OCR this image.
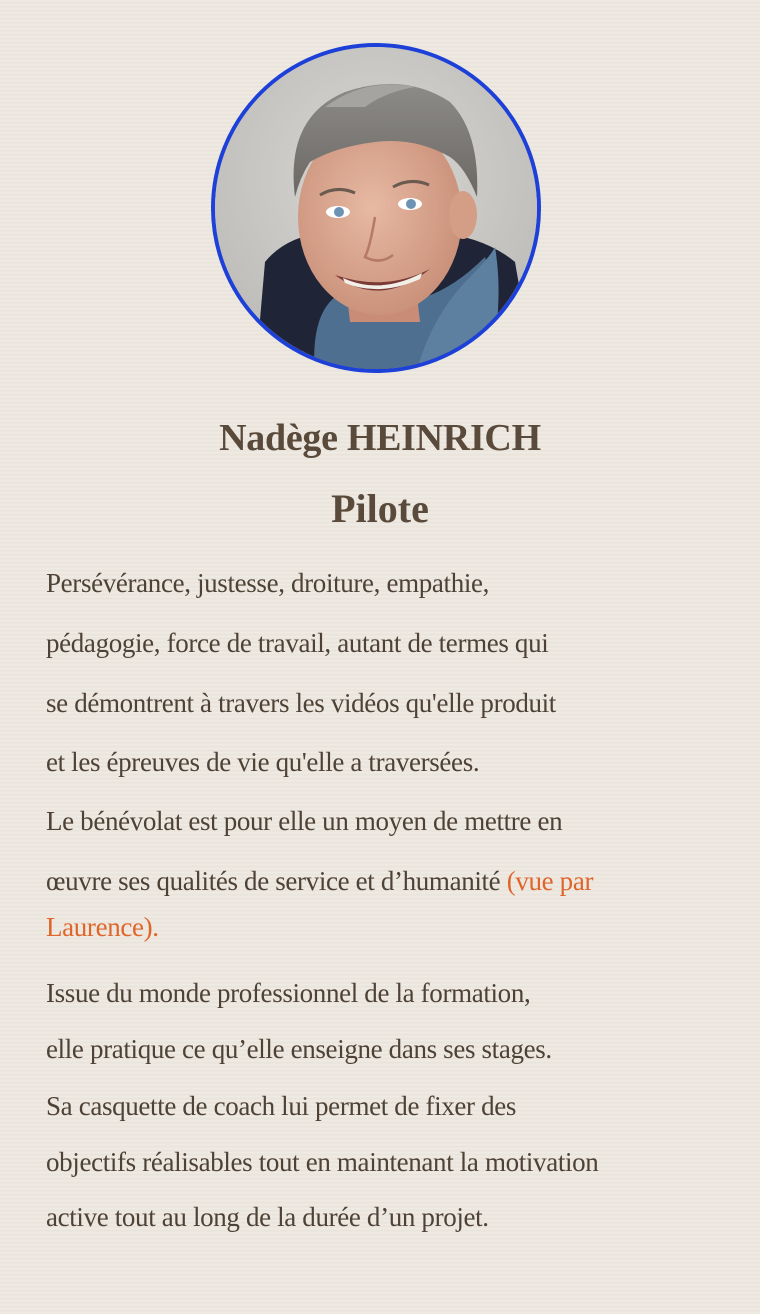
Nadège HEINRICH
Pilote
Persévérance, justesse, droiture, empathie,
pédagogie, force de travail, autant de termes qui
se démontrent à travers les vidéos qu'elle produit
et les épreuves de vie qu'elle a traversées.
Le bénévolat est pour elle un moyen de mettre en
œuvre ses qualités de service et d’humanité (vue par
Laurence).
Issue du monde professionnel de la formation,
elle pratique ce qu’elle enseigne dans ses stages.
Sa casquette de coach lui permet de fixer des
objectifs réalisables tout en maintenant la motivation
active tout au long de la durée d’un projet.
